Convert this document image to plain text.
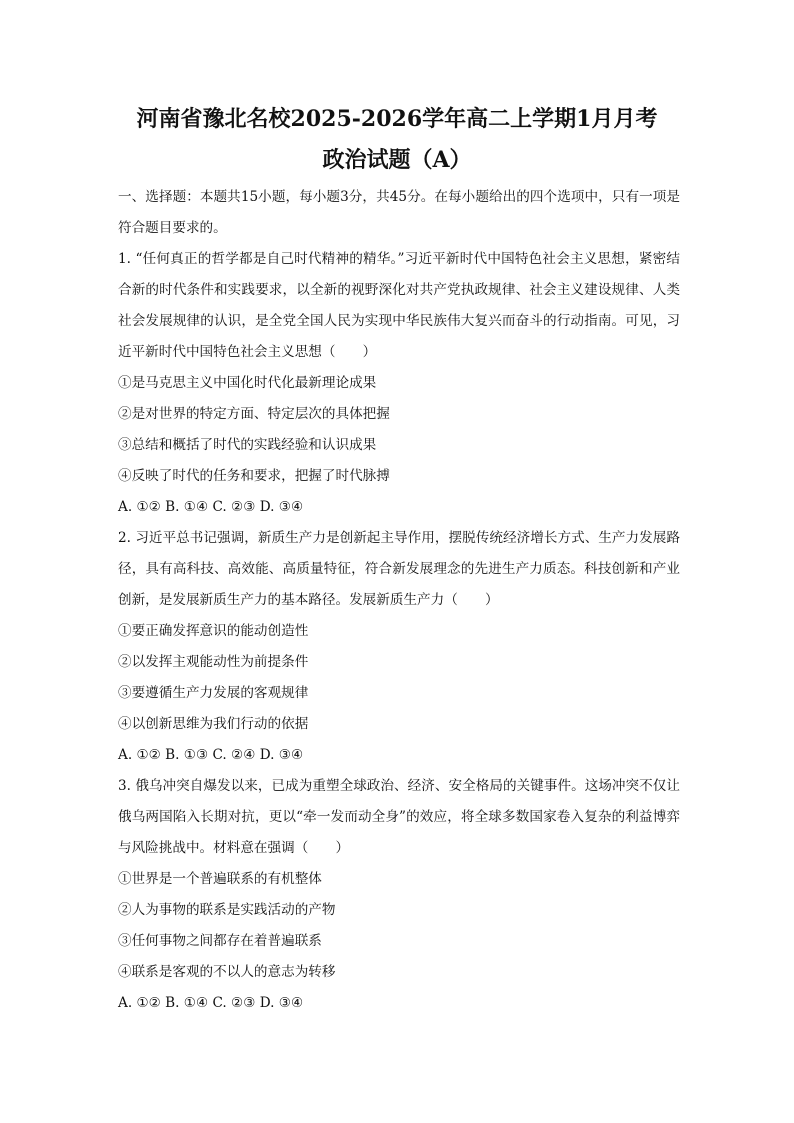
河南省豫北名校2025-2026学年高二上学期1月月考
政治试题（A）

一、选择题：本题共15小题，每小题3分，共45分。在每小题给出的四个选项中，只有一项是符合题目要求的。

1. “任何真正的哲学都是自己时代精神的精华。”习近平新时代中国特色社会主义思想，紧密结合新的时代条件和实践要求，以全新的视野深化对共产党执政规律、社会主义建设规律、人类社会发展规律的认识，是全党全国人民为实现中华民族伟大复兴而奋斗的行动指南。可见，习近平新时代中国特色社会主义思想（　　）

①是马克思主义中国化时代化最新理论成果

②是对世界的特定方面、特定层次的具体把握

③总结和概括了时代的实践经验和认识成果

④反映了时代的任务和要求，把握了时代脉搏

A. ①② B. ①④ C. ②③ D. ③④

2. 习近平总书记强调，新质生产力是创新起主导作用，摆脱传统经济增长方式、生产力发展路径，具有高科技、高效能、高质量特征，符合新发展理念的先进生产力质态。科技创新和产业创新，是发展新质生产力的基本路径。发展新质生产力（　　）

①要正确发挥意识的能动创造性

②以发挥主观能动性为前提条件

③要遵循生产力发展的客观规律

④以创新思维为我们行动的依据

A. ①② B. ①③ C. ②④ D. ③④

3. 俄乌冲突自爆发以来，已成为重塑全球政治、经济、安全格局的关键事件。这场冲突不仅让俄乌两国陷入长期对抗，更以“牵一发而动全身”的效应，将全球多数国家卷入复杂的利益博弈与风险挑战中。材料意在强调（　　）

①世界是一个普遍联系的有机整体

②人为事物的联系是实践活动的产物

③任何事物之间都存在着普遍联系

④联系是客观的不以人的意志为转移

A. ①② B. ①④ C. ②③ D. ③④
